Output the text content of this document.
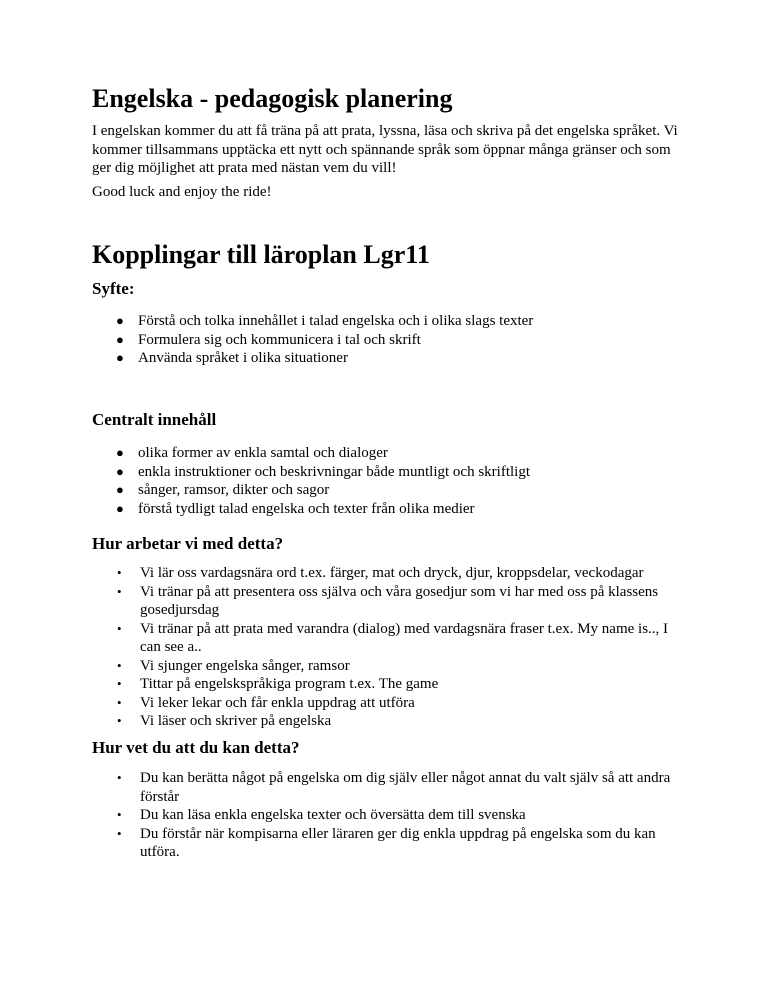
Engelska - pedagogisk planering

I engelskan kommer du att få träna på att prata, lyssna, läsa och skriva på det engelska språket. Vi kommer tillsammans upptäcka ett nytt och spännande språk som öppnar många gränser och som ger dig möjlighet att prata med nästan vem du vill!

Good luck and enjoy the ride!

Kopplingar till läroplan Lgr11
Syfte:
● Förstå och tolka innehållet i talad engelska och i olika slags texter
● Formulera sig och kommunicera i tal och skrift
● Använda språket i olika situationer
Centralt innehåll
● olika former av enkla samtal och dialoger
● enkla instruktioner och beskrivningar både muntligt och skriftligt
● sånger, ramsor, dikter och sagor
● förstå tydligt talad engelska och texter från olika medier
Hur arbetar vi med detta?
• Vi lär oss vardagsnära ord t.ex. färger, mat och dryck, djur, kroppsdelar, veckodagar
• Vi tränar på att presentera oss själva och våra gosedjur som vi har med oss på klassens gosedjursdag
• Vi tränar på att prata med varandra (dialog) med vardagsnära fraser t.ex. My name is.., I can see a..
• Vi sjunger engelska sånger, ramsor
• Tittar på engelskspråkiga program t.ex. The game
• Vi leker lekar och får enkla uppdrag att utföra
• Vi läser och skriver på engelska
Hur vet du att du kan detta?
• Du kan berätta något på engelska om dig själv eller något annat du valt själv så att andra förstår
• Du kan läsa enkla engelska texter och översätta dem till svenska
• Du förstår när kompisarna eller läraren ger dig enkla uppdrag på engelska som du kan utföra.
